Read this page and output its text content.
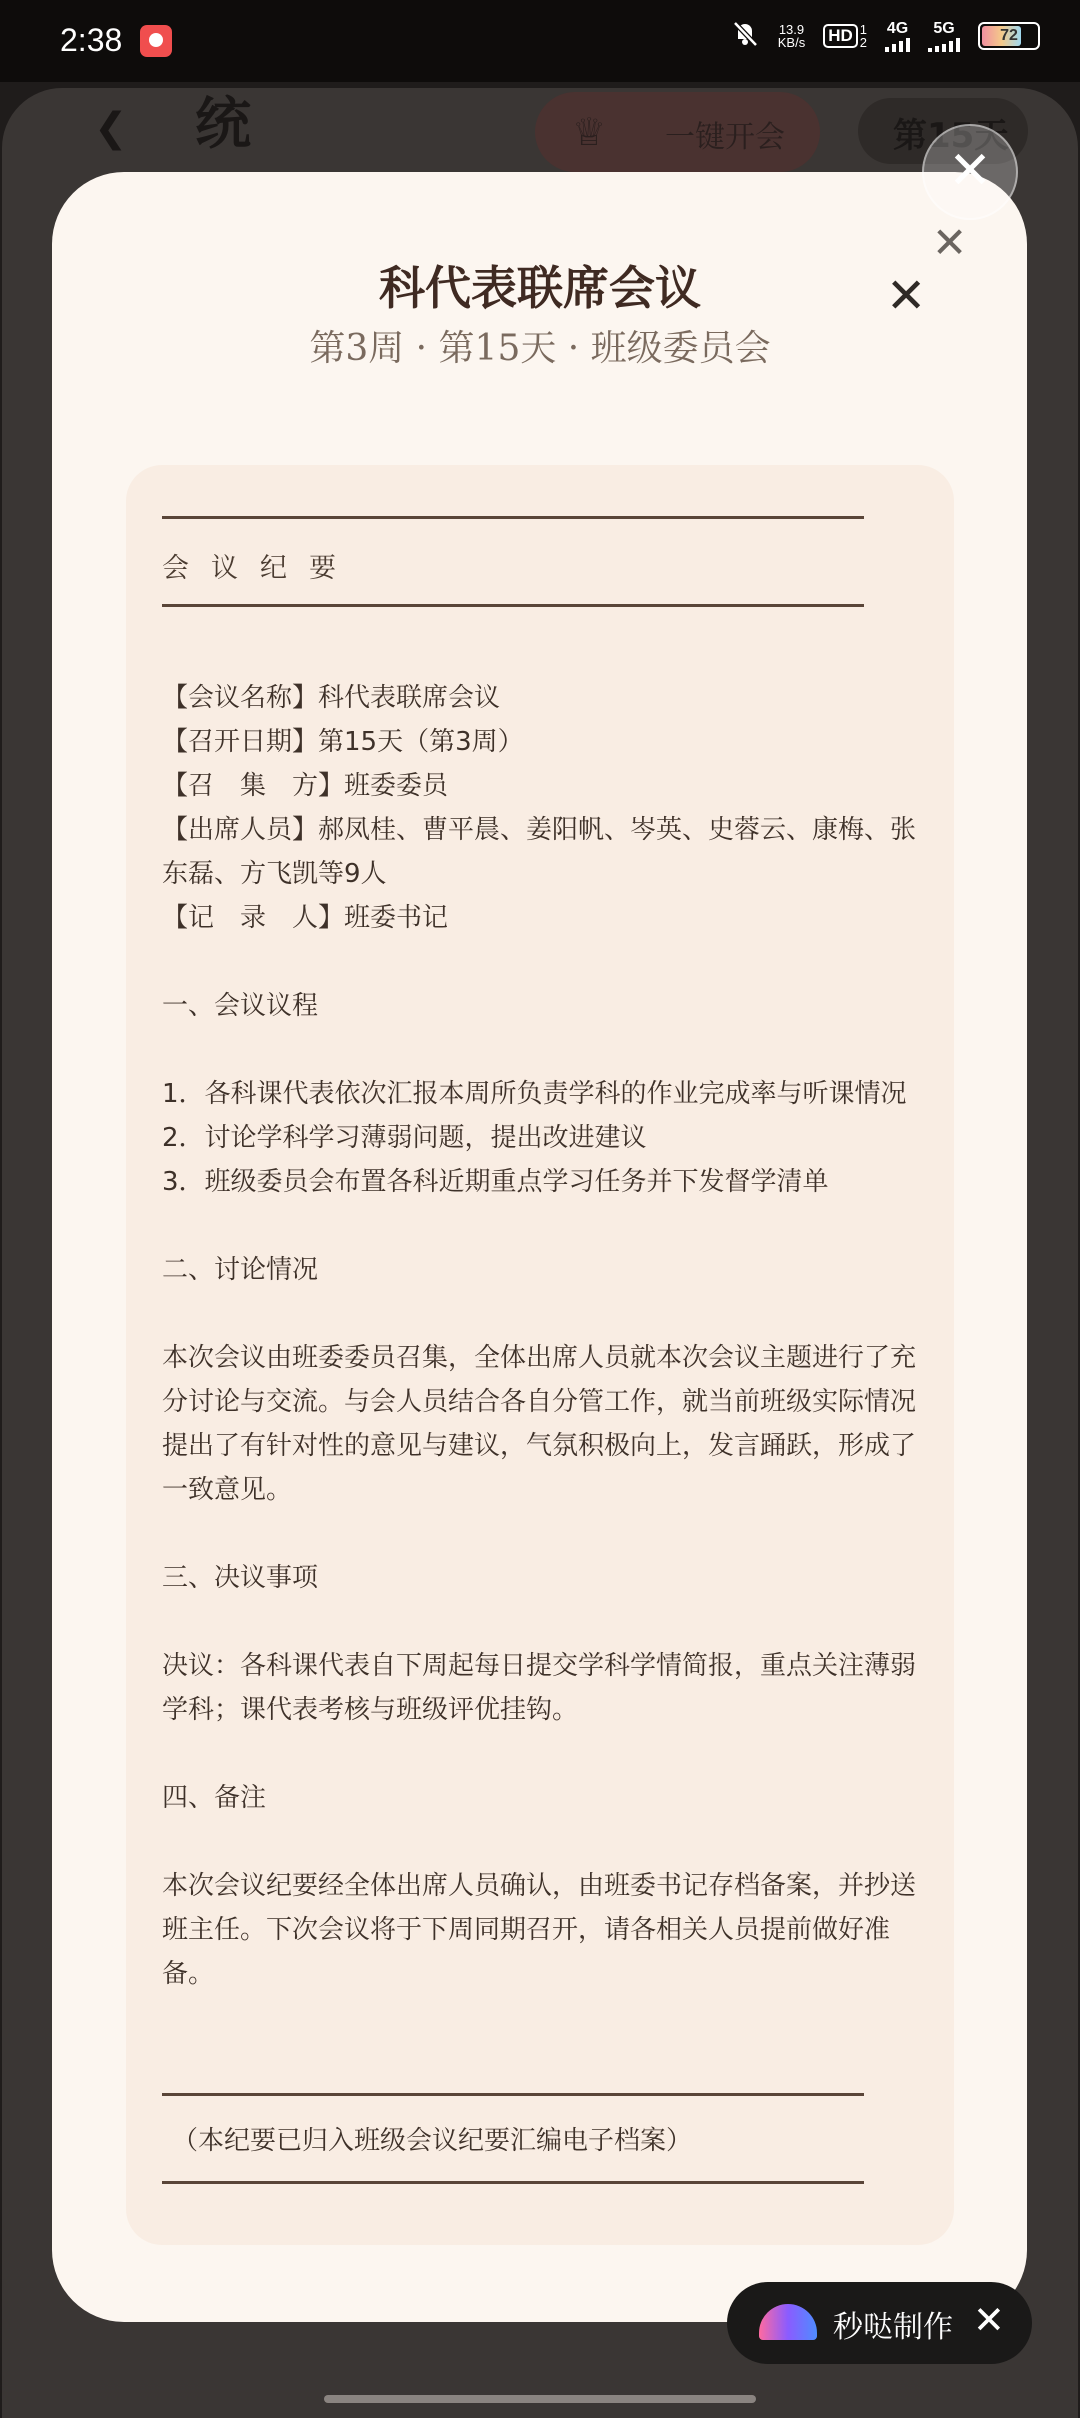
2:38	13.9
KB/s HD 1
2
4G 5G	72
❮ 统	♕ 一键开会	第15天
✕
✕
科代表联席会议
第3周 · 第15天 · 班级委员会
会议纪要

【会议名称】科代表联席会议

【召开日期】第15天（第3周）

【召　集　方】班委委员

【出席人员】郝凤桂、曹平晨、姜阳帆、岑英、史蓉云、康梅、张东磊、方飞凯等9人

【记　录　人】班委书记

一、会议议程

1．各科课代表依次汇报本周所负责学科的作业完成率与听课情况

2．讨论学科学习薄弱问题，提出改进建议

3．班级委员会布置各科近期重点学习任务并下发督学清单

二、讨论情况

本次会议由班委委员召集，全体出席人员就本次会议主题进行了充分讨论与交流。与会人员结合各自分管工作，就当前班级实际情况提出了有针对性的意见与建议，气氛积极向上，发言踊跃，形成了一致意见。

三、决议事项

决议：各科课代表自下周起每日提交学科学情简报，重点关注薄弱学科；课代表考核与班级评优挂钩。

四、备注

本次会议纪要经全体出席人员确认，由班委书记存档备案，并抄送班主任。下次会议将于下周同期召开，请各相关人员提前做好准备。

（本纪要已归入班级会议纪要汇编电子档案）
✕
秒哒制作 ✕
